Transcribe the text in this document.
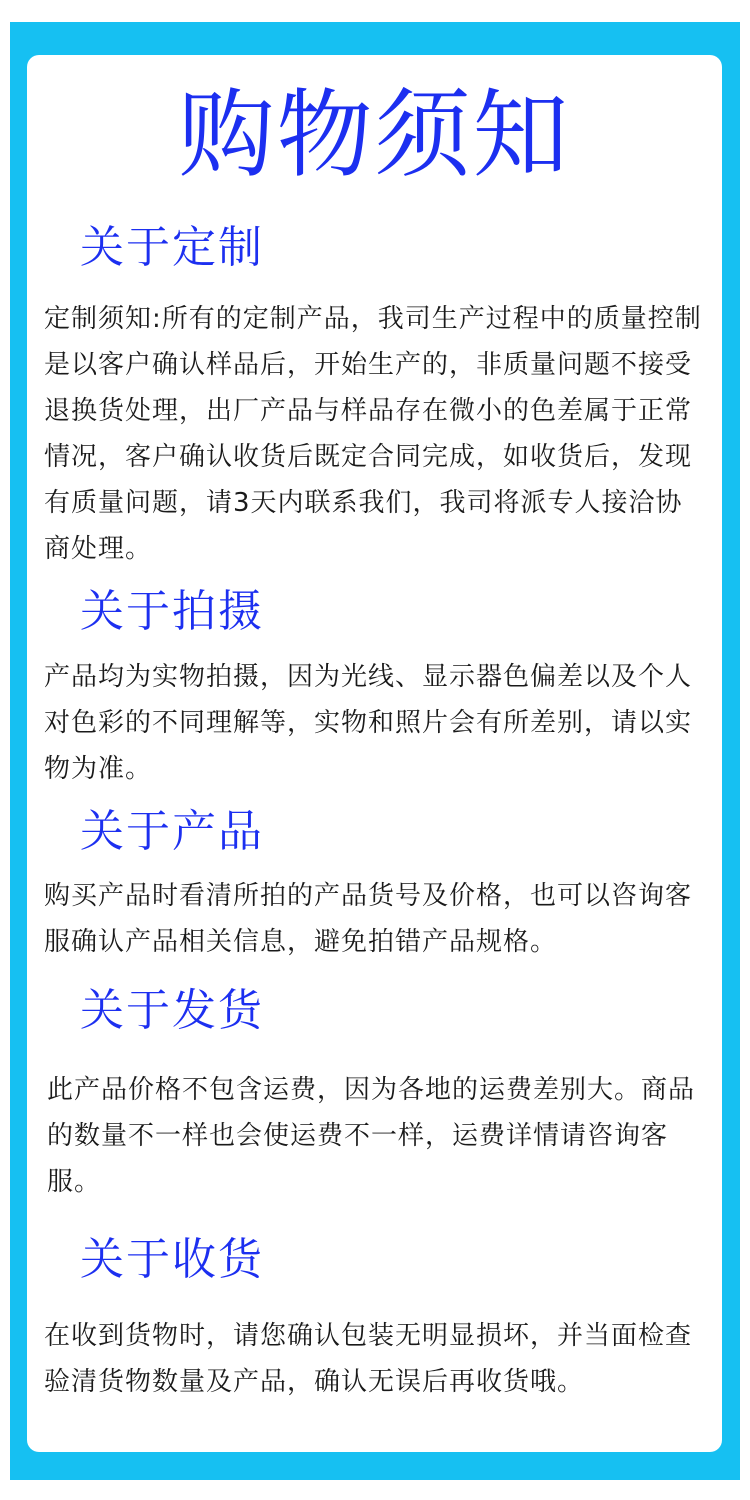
购物须知
关于定制

定制须知:所有的定制产品，我司生产过程中的质量控制是以客户确认样品后，开始生产的，非质量问题不接受退换货处理，出厂产品与样品存在微小的色差属于正常情况，客户确认收货后既定合同完成，如收货后，发现有质量问题，请3天内联系我们，我司将派专人接洽协商处理。

关于拍摄

产品均为实物拍摄，因为光线、显示器色偏差以及个人对色彩的不同理解等，实物和照片会有所差别，请以实物为准。

关于产品

购买产品时看清所拍的产品货号及价格，也可以咨询客服确认产品相关信息，避免拍错产品规格。

关于发货

此产品价格不包含运费，因为各地的运费差别大。商品的数量不一样也会使运费不一样，运费详情请咨询客服。

关于收货

在收到货物时，请您确认包装无明显损坏，并当面检查验清货物数量及产品，确认无误后再收货哦。
